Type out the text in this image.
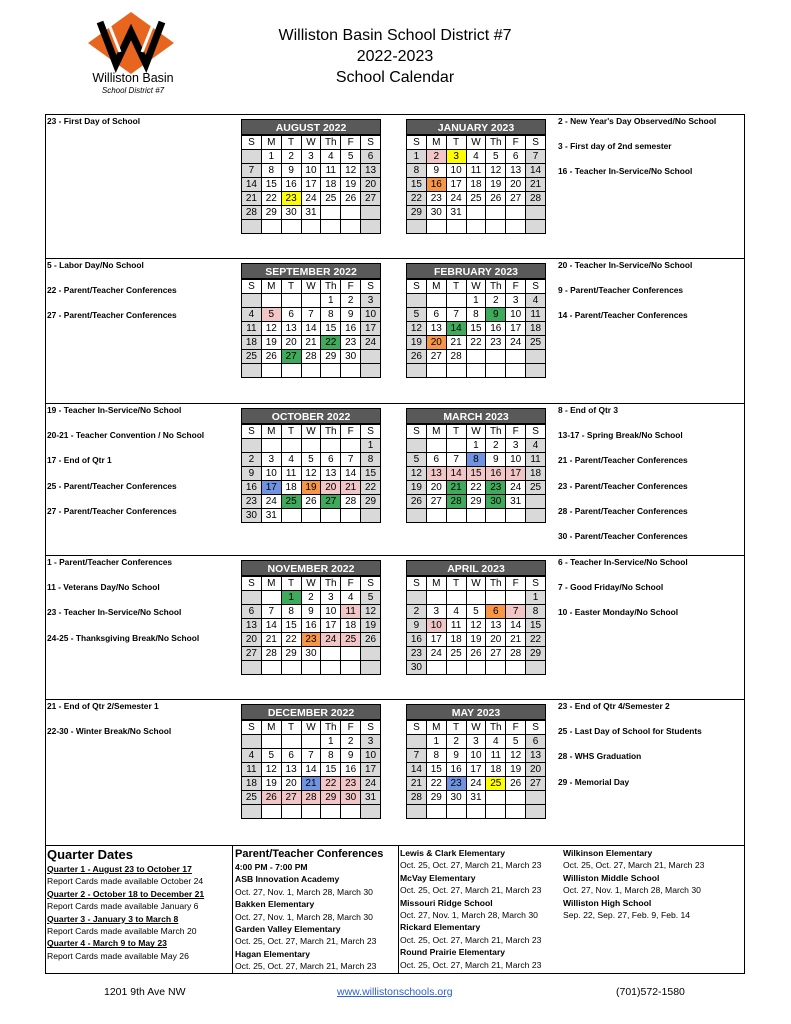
Williston Basin
School District #7
Williston Basin School District #7
2022-2023
School Calendar
23 - First Day of School	2 - New Year's Day Observed/No School
3 - First day of 2nd semester
16 - Teacher In-Service/No School
5 - Labor Day/No School
22 - Parent/Teacher Conferences
27 - Parent/Teacher Conferences
20 - Teacher In-Service/No School
9 - Parent/Teacher Conferences
14 - Parent/Teacher Conferences
19 - Teacher In-Service/No School
20-21 - Teacher Convention / No School
17 - End of Qtr 1
25 - Parent/Teacher Conferences
27 - Parent/Teacher Conferences
8 - End of Qtr 3
13-17 - Spring Break/No School
21 - Parent/Teacher Conferences
23 - Parent/Teacher Conferences
28 - Parent/Teacher Conferences
30 - Parent/Teacher Conferences
1 - Parent/Teacher Conferences
11 - Veterans Day/No School
23 - Teacher In-Service/No School
24-25 - Thanksgiving Break/No School
6 - Teacher In-Service/No School
7 - Good Friday/No School
10 - Easter Monday/No School
21 - End of Qtr 2/Semester 1
22-30 - Winter Break/No School
23 - End of Qtr 4/Semester 2
25 - Last Day of School for Students
28 - WHS Graduation
29 - Memorial Day
AUGUST 2022
S	M	T	W	Th	F	S
	1	2	3	4	5	6
7	8	9	10	11	12	13
14	15	16	17	18	19	20
21	22	23	24	25	26	27
28	29	30	31			

JANUARY 2023
S	M	T	W	Th	F	S
1	2	3	4	5	6	7
8	9	10	11	12	13	14
15	16	17	18	19	20	21
22	23	24	25	26	27	28
29	30	31				

SEPTEMBER 2022
S	M	T	W	Th	F	S
				1	2	3
4	5	6	7	8	9	10
11	12	13	14	15	16	17
18	19	20	21	22	23	24
25	26	27	28	29	30	

FEBRUARY 2023
S	M	T	W	Th	F	S
			1	2	3	4
5	6	7	8	9	10	11
12	13	14	15	16	17	18
19	20	21	22	23	24	25
26	27	28				

OCTOBER 2022
S	M	T	W	Th	F	S
						1
2	3	4	5	6	7	8
9	10	11	12	13	14	15
16	17	18	19	20	21	22
23	24	25	26	27	28	29
30	31					
MARCH 2023
S	M	T	W	Th	F	S
			1	2	3	4
5	6	7	8	9	10	11
12	13	14	15	16	17	18
19	20	21	22	23	24	25
26	27	28	29	30	31	

NOVEMBER 2022
S	M	T	W	Th	F	S
		1	2	3	4	5
6	7	8	9	10	11	12
13	14	15	16	17	18	19
20	21	22	23	24	25	26
27	28	29	30			

APRIL 2023
S	M	T	W	Th	F	S
						1
2	3	4	5	6	7	8
9	10	11	12	13	14	15
16	17	18	19	20	21	22
23	24	25	26	27	28	29
30						
DECEMBER 2022
S	M	T	W	Th	F	S
				1	2	3
4	5	6	7	8	9	10
11	12	13	14	15	16	17
18	19	20	21	22	23	24
25	26	27	28	29	30	31

MAY 2023
S	M	T	W	Th	F	S
	1	2	3	4	5	6
7	8	9	10	11	12	13
14	15	16	17	18	19	20
21	22	23	24	25	26	27
28	29	30	31			

Quarter Dates
Quarter 1 - August 23 to October 17
Report Cards made available October 24
Quarter 2 - October 18 to December 21
Report Cards made available January 6
Quarter 3 - January 3 to March 8
Report Cards made available March 20
Quarter 4 - March 9 to May 23
Report Cards made available May 26
Parent/Teacher Conferences
4:00 PM - 7:00 PM
ASB Innovation Academy
Oct. 27, Nov. 1, March 28, March 30
Bakken Elementary
Oct. 27, Nov. 1, March 28, March 30
Garden Valley Elementary
Oct. 25, Oct. 27, March 21, March 23
Hagan Elementary
Oct. 25, Oct. 27, March 21, March 23
Lewis & Clark Elementary
Oct. 25, Oct. 27, March 21, March 23
McVay Elementary
Oct. 25, Oct. 27, March 21, March 23
Missouri Ridge School
Oct. 27, Nov. 1, March 28, March 30
Rickard Elementary
Oct. 25, Oct. 27, March 21, March 23
Round Prairie Elementary
Oct. 25, Oct. 27, March 21, March 23
Wilkinson Elementary
Oct. 25, Oct. 27, March 21, March 23
Williston Middle School
Oct. 27, Nov. 1, March 28, March 30
Williston High School
Sep. 22, Sep. 27, Feb. 9, Feb. 14
1201 9th Ave NW	www.willistonschools.org	(701)572-1580
